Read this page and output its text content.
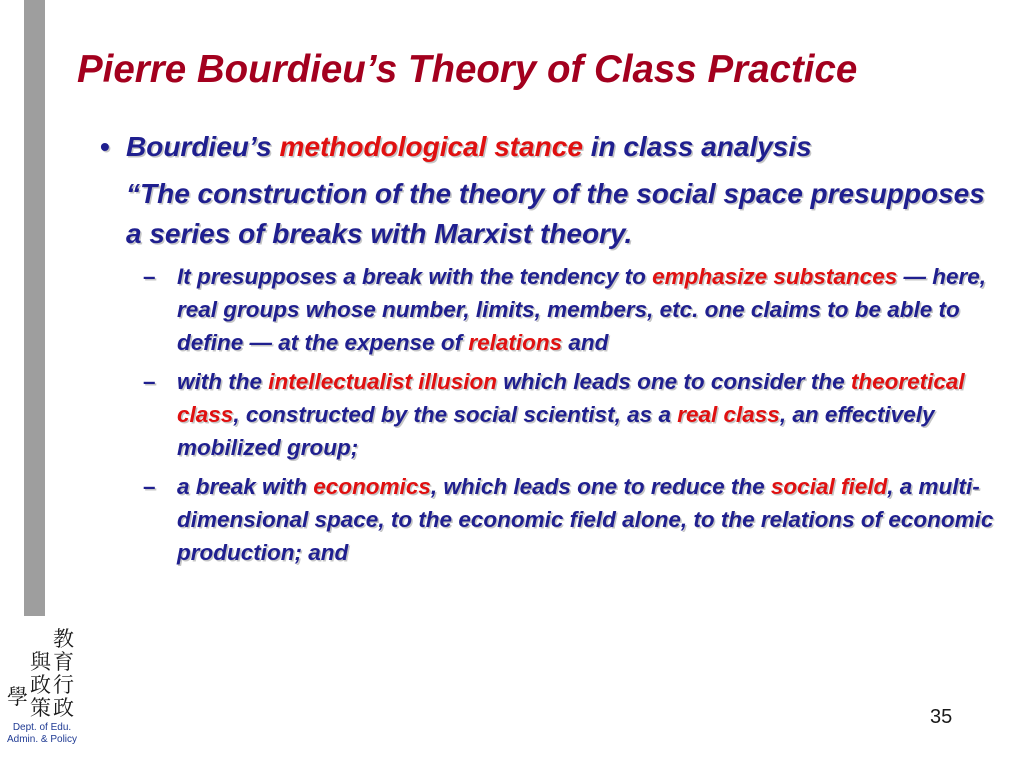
Pierre Bourdieu’s Theory of Class Practice
• Bourdieu’s methodological stance in class analysis
“The construction of the theory of the social space presupposes a series of breaks with Marxist theory.
– It presupposes a break with the tendency to emphasize substances — here, real groups whose number, limits, members, etc. one claims to be able to define — at the expense of relations and
– with the intellectualist illusion which leads one to consider the theoretical class, constructed by the social scientist, as a real class, an effectively mobilized group;
– a break with economics, which leads one to reduce the social field, a multi-dimensional space, to the economic field alone, to the relations of economic production; and
教
育
與
行
政
政
策
學
Dept. of Edu.
Admin. & Policy
35
